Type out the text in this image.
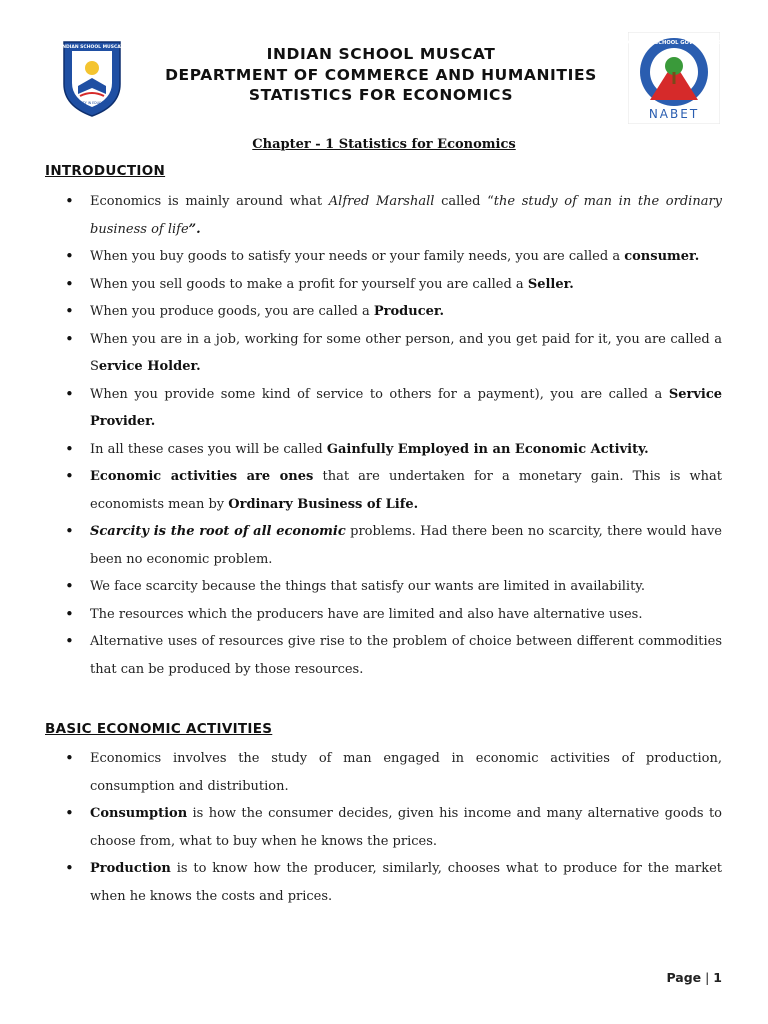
INDIAN SCHOOL MUSCAT
QUALITY IN EDUCATION
INDIAN SCHOOL MUSCAT
DEPARTMENT OF COMMERCE AND HUMANITIES
STATISTICS FOR ECONOMICS
QUALITY SCHOOL GOVERNANCE
NABET
Chapter - 1 Statistics for Economics
INTRODUCTION
• Economics is mainly around what Alfred Marshall called “the study of man in the ordinary business of life”.
• When you buy goods to satisfy your needs or your family needs, you are called a consumer.
• When you sell goods to make a profit for yourself you are called a Seller.
• When you produce goods, you are called a Producer.
• When you are in a job, working for some other person, and you get paid for it, you are called a Service Holder.
• When you provide some kind of service to others for a payment), you are called a Service Provider.
• In all these cases you will be called Gainfully Employed in an Economic Activity.
• Economic activities are ones that are undertaken for a monetary gain. This is what economists mean by Ordinary Business of Life.
• Scarcity is the root of all economic problems. Had there been no scarcity, there would have been no economic problem.
• We face scarcity because the things that satisfy our wants are limited in availability.
• The resources which the producers have are limited and also have alternative uses.
• Alternative uses of resources give rise to the problem of choice between different commodities that can be produced by those resources.
BASIC ECONOMIC ACTIVITIES
• Economics involves the study of man engaged in economic activities of production, consumption and distribution.
• Consumption is how the consumer decides, given his income and many alternative goods to choose from, what to buy when he knows the prices.
• Production is to know how the producer, similarly, chooses what to produce for the market when he knows the costs and prices.
Page | 1
